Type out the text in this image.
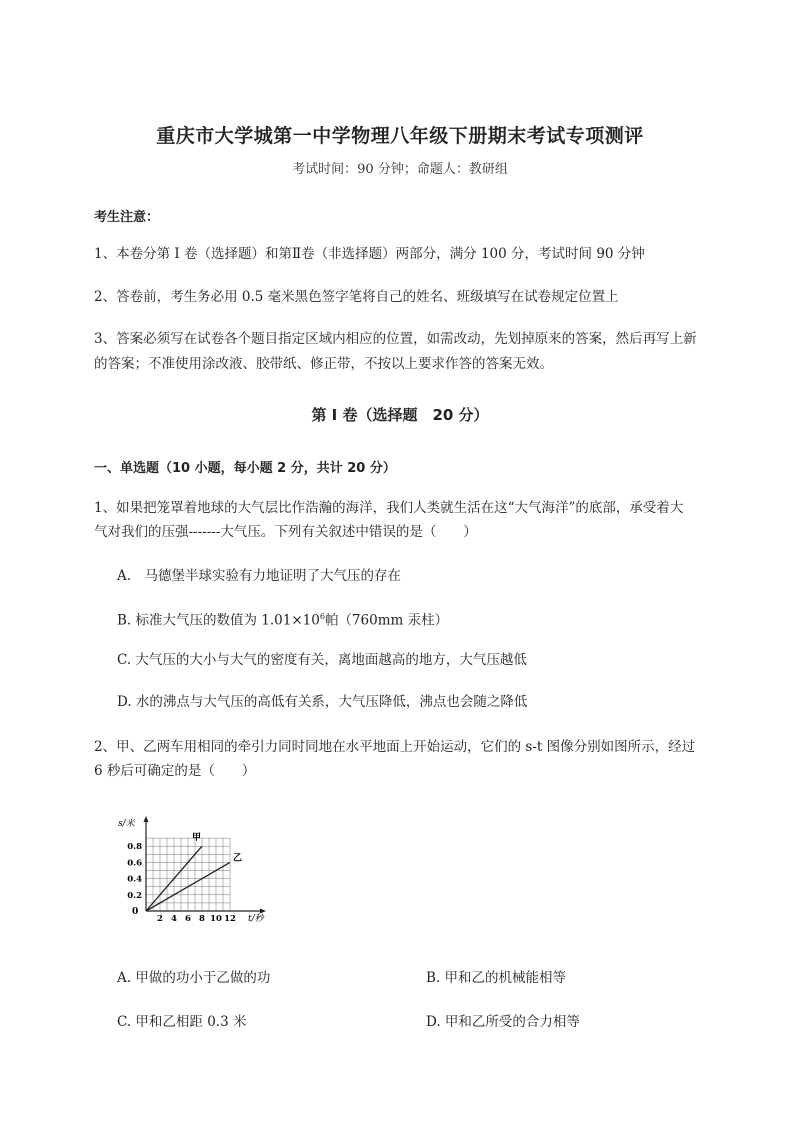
重庆市大学城第一中学物理八年级下册期末考试专项测评
考试时间：90 分钟；命题人：教研组
考生注意：
1、本卷分第 I 卷（选择题）和第Ⅱ卷（非选择题）两部分，满分 100 分，考试时间 90 分钟
2、答卷前，考生务必用 0.5 毫米黑色签字笔将自己的姓名、班级填写在试卷规定位置上
3、答案必须写在试卷各个题目指定区域内相应的位置，如需改动，先划掉原来的答案，然后再写上新
的答案；不准使用涂改液、胶带纸、修正带，不按以上要求作答的答案无效。
第 I 卷（选择题　20 分）
一、单选题（10 小题，每小题 2 分，共计 20 分）
1、如果把笼罩着地球的大气层比作浩瀚的海洋，我们人类就生活在这“大气海洋”的底部，承受着大
气对我们的压强-------大气压。下列有关叙述中错误的是（　　）
A.　马德堡半球实验有力地证明了大气压的存在
B. 标准大气压的数值为 $1.01\times 10^6$帕（760mm 汞柱）
C. 大气压的大小与大气的密度有关，离地面越高的地方，大气压越低
D. 水的沸点与大气压的高低有关系，大气压降低，沸点也会随之降低
2、甲、乙两车用相同的牵引力同时同地在水平地面上开始运动，它们的 s-t 图像分别如图所示，经过
6 秒后可确定的是（　　）
2 4 6 8 10 12
0.2
0.4
0.6
0.8
甲
乙
s/米
t/秒
0
A. 甲做的功小于乙做的功	B. 甲和乙的机械能相等
C. 甲和乙相距 0.3 米	D. 甲和乙所受的合力相等
